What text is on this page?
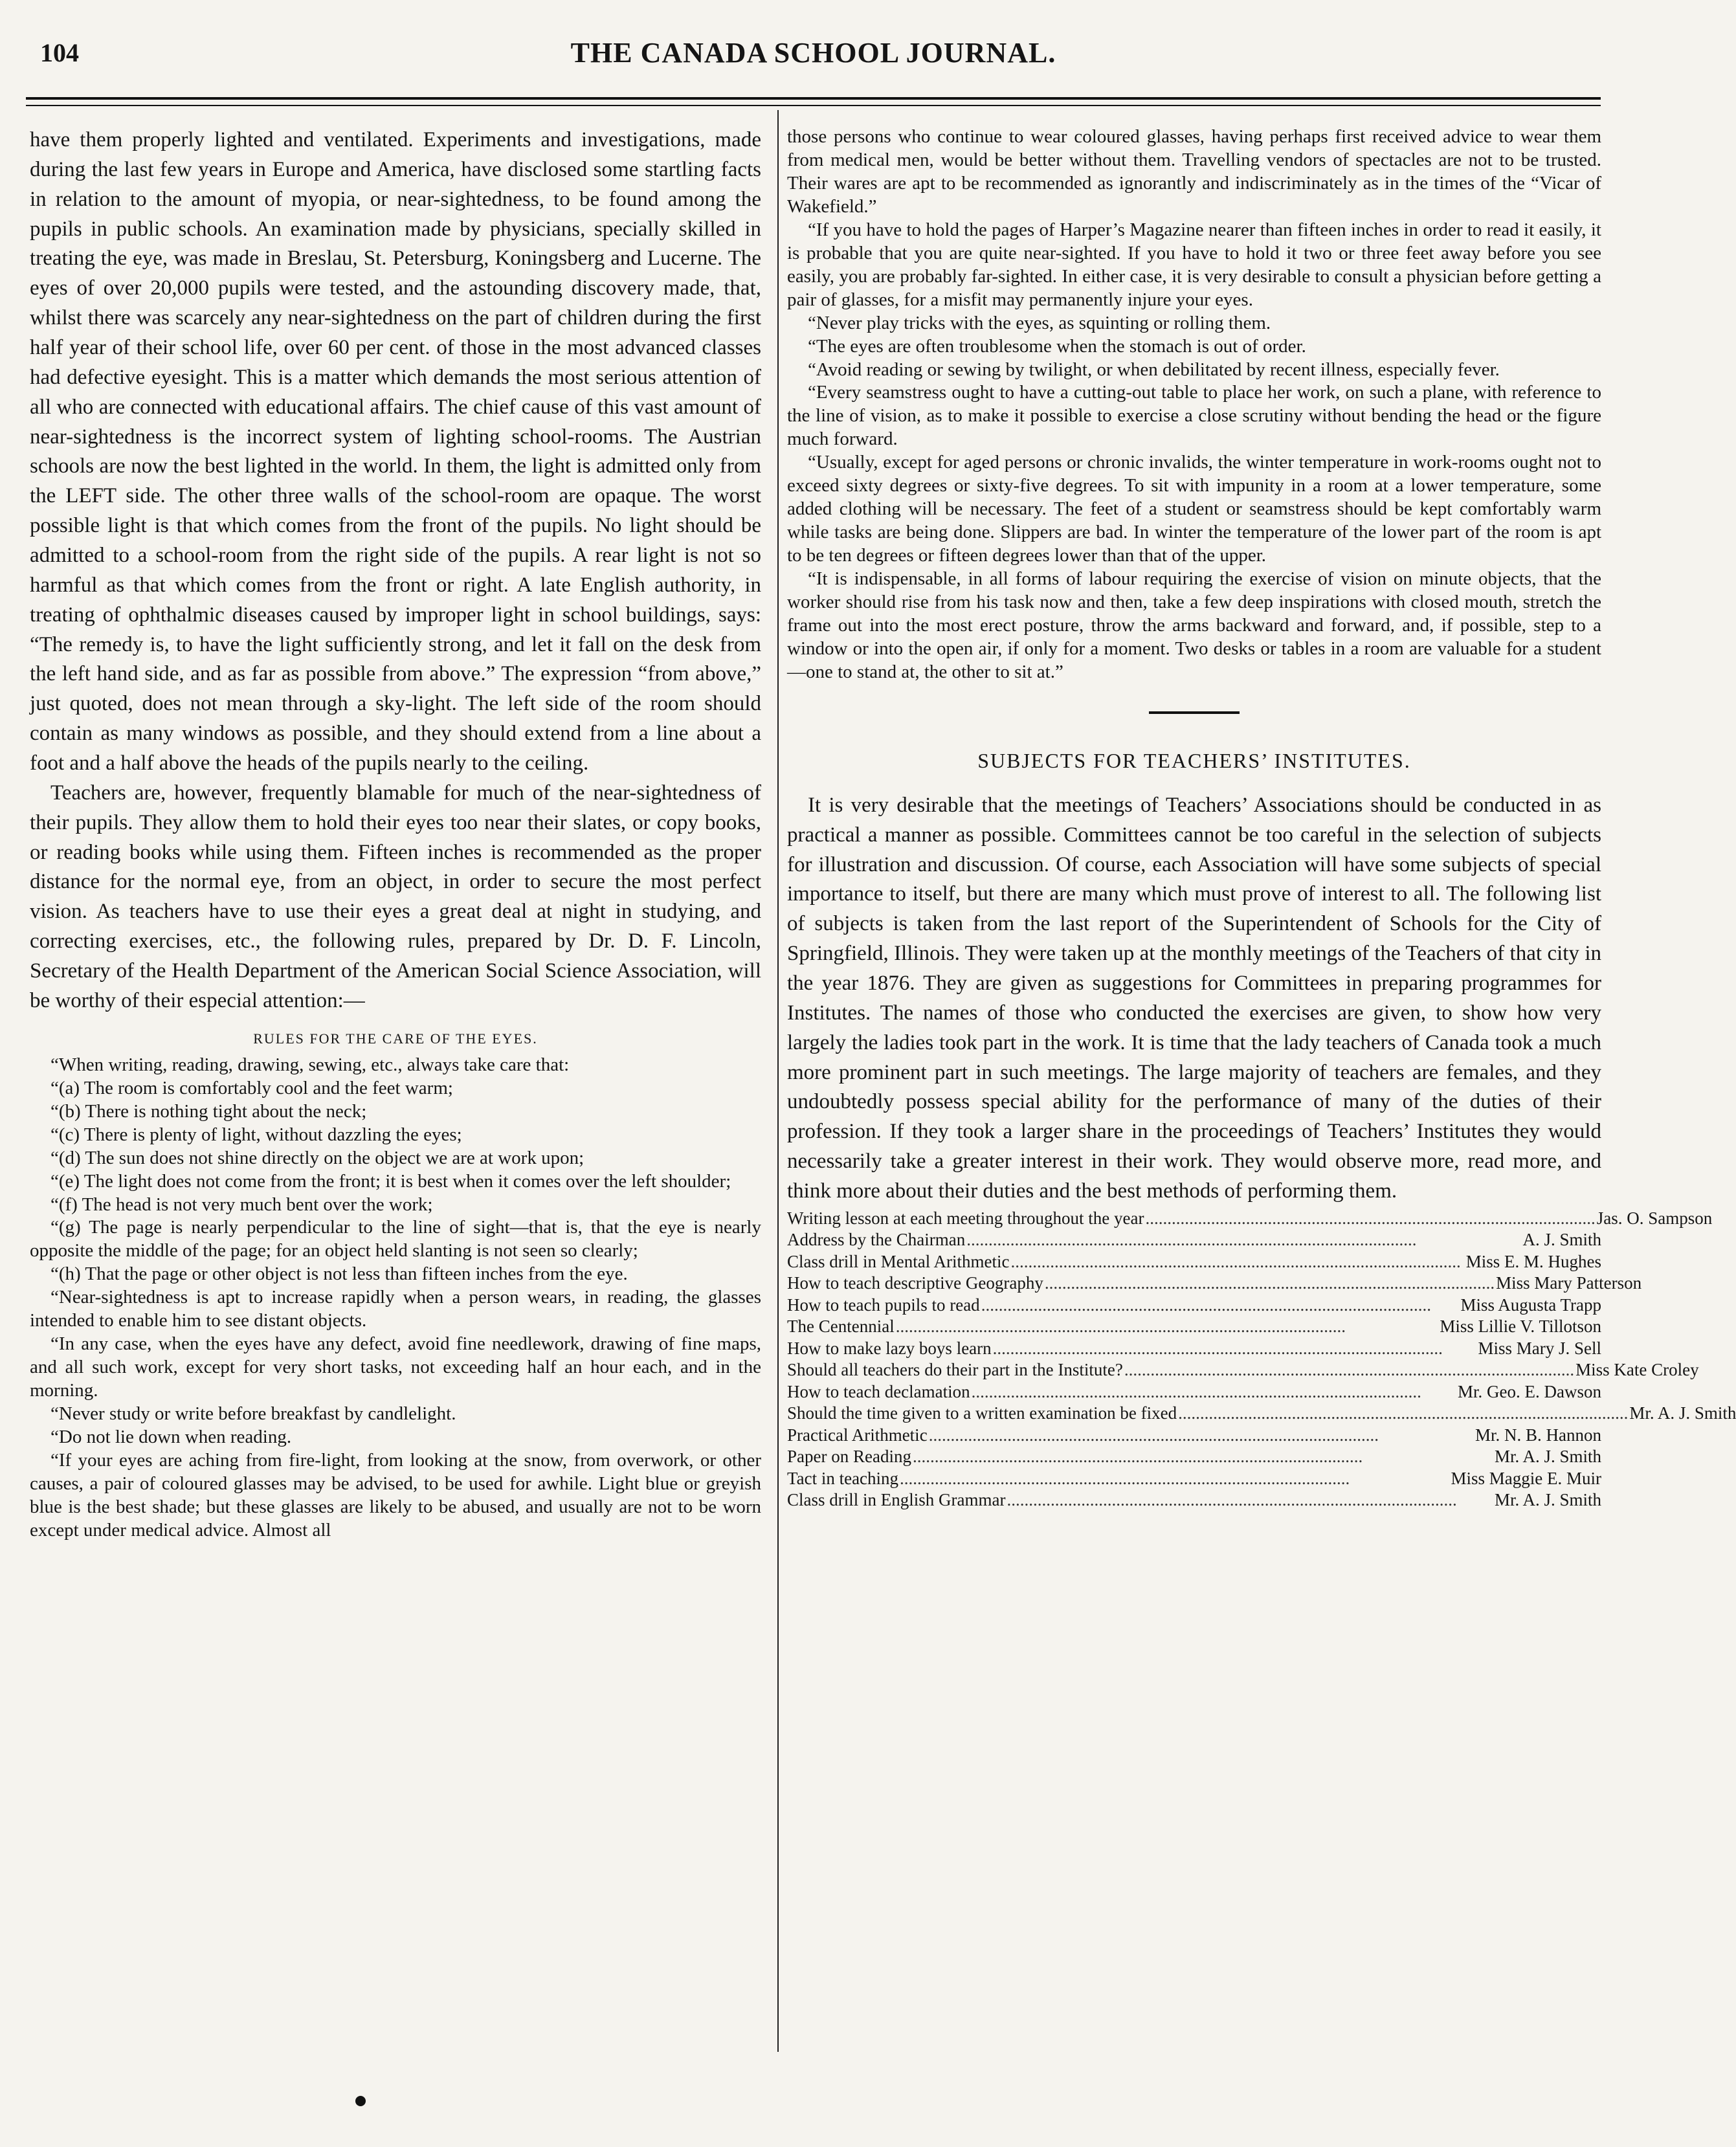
104	THE CANADA SCHOOL JOURNAL.

have them properly lighted and ventilated. Experiments and investigations, made during the last few years in Europe and America, have disclosed some startling facts in relation to the amount of myopia, or near-sightedness, to be found among the pupils in public schools. An examination made by physicians, specially skilled in treating the eye, was made in Breslau, St. Petersburg, Koningsberg and Lucerne. The eyes of over 20,000 pupils were tested, and the astounding discovery made, that, whilst there was scarcely any near-sightedness on the part of children during the first half year of their school life, over 60 per cent. of those in the most advanced classes had defective eyesight. This is a matter which demands the most serious attention of all who are connected with educational affairs. The chief cause of this vast amount of near-sightedness is the incorrect system of lighting school-rooms. The Austrian schools are now the best lighted in the world. In them, the light is admitted only from the LEFT side. The other three walls of the school-room are opaque. The worst possible light is that which comes from the front of the pupils. No light should be admitted to a school-room from the right side of the pupils. A rear light is not so harmful as that which comes from the front or right. A late English authority, in treating of ophthalmic diseases caused by improper light in school buildings, says: “The remedy is, to have the light sufficiently strong, and let it fall on the desk from the left hand side, and as far as possible from above.” The expression “from above,” just quoted, does not mean through a sky-light. The left side of the room should contain as many windows as possible, and they should extend from a line about a foot and a half above the heads of the pupils nearly to the ceiling.

Teachers are, however, frequently blamable for much of the near-sightedness of their pupils. They allow them to hold their eyes too near their slates, or copy books, or reading books while using them. Fifteen inches is recommended as the proper distance for the normal eye, from an object, in order to secure the most perfect vision. As teachers have to use their eyes a great deal at night in studying, and correcting exercises, etc., the following rules, prepared by Dr. D. F. Lincoln, Secretary of the Health Department of the American Social Science Association, will be worthy of their especial attention:—

RULES FOR THE CARE OF THE EYES.

“When writing, reading, drawing, sewing, etc., always take care that:

“(a) The room is comfortably cool and the feet warm;

“(b) There is nothing tight about the neck;

“(c) There is plenty of light, without dazzling the eyes;

“(d) The sun does not shine directly on the object we are at work upon;

“(e) The light does not come from the front; it is best when it comes over the left shoulder;

“(f) The head is not very much bent over the work;

“(g) The page is nearly perpendicular to the line of sight—that is, that the eye is nearly opposite the middle of the page; for an object held slanting is not seen so clearly;

“(h) That the page or other object is not less than fifteen inches from the eye.

“Near-sightedness is apt to increase rapidly when a person wears, in reading, the glasses intended to enable him to see distant objects.

“In any case, when the eyes have any defect, avoid fine needlework, drawing of fine maps, and all such work, except for very short tasks, not exceeding half an hour each, and in the morning.

“Never study or write before breakfast by candlelight.

“Do not lie down when reading.

“If your eyes are aching from fire-light, from looking at the snow, from overwork, or other causes, a pair of coloured glasses may be advised, to be used for awhile. Light blue or greyish blue is the best shade; but these glasses are likely to be abused, and usually are not to be worn except under medical advice. Almost all

those persons who continue to wear coloured glasses, having perhaps first received advice to wear them from medical men, would be better without them. Travelling vendors of spectacles are not to be trusted. Their wares are apt to be recommended as ignorantly and indiscriminately as in the times of the “Vicar of Wakefield.”

“If you have to hold the pages of Harper’s Magazine nearer than fifteen inches in order to read it easily, it is probable that you are quite near-sighted. If you have to hold it two or three feet away before you see easily, you are probably far-sighted. In either case, it is very desirable to consult a physician before getting a pair of glasses, for a misfit may permanently injure your eyes.

“Never play tricks with the eyes, as squinting or rolling them.

“The eyes are often troublesome when the stomach is out of order.

“Avoid reading or sewing by twilight, or when debilitated by recent illness, especially fever.

“Every seamstress ought to have a cutting-out table to place her work, on such a plane, with reference to the line of vision, as to make it possible to exercise a close scrutiny without bending the head or the figure much forward.

“Usually, except for aged persons or chronic invalids, the winter temperature in work-rooms ought not to exceed sixty degrees or sixty-five degrees. To sit with impunity in a room at a lower temperature, some added clothing will be necessary. The feet of a student or seamstress should be kept comfortably warm while tasks are being done. Slippers are bad. In winter the temperature of the lower part of the room is apt to be ten degrees or fifteen degrees lower than that of the upper.

“It is indispensable, in all forms of labour requiring the exercise of vision on minute objects, that the worker should rise from his task now and then, take a few deep inspirations with closed mouth, stretch the frame out into the most erect posture, throw the arms backward and forward, and, if possible, step to a window or into the open air, if only for a moment. Two desks or tables in a room are valuable for a student—one to stand at, the other to sit at.”

SUBJECTS FOR TEACHERS’ INSTITUTES.

It is very desirable that the meetings of Teachers’ Associations should be conducted in as practical a manner as possible. Committees cannot be too careful in the selection of subjects for illustration and discussion. Of course, each Association will have some subjects of special importance to itself, but there are many which must prove of interest to all. The following list of subjects is taken from the last report of the Superintendent of Schools for the City of Springfield, Illinois. They were taken up at the monthly meetings of the Teachers of that city in the year 1876. They are given as suggestions for Committees in preparing programmes for Institutes. The names of those who conducted the exercises are given, to show how very largely the ladies took part in the work. It is time that the lady teachers of Canada took a much more prominent part in such meetings. The large majority of teachers are females, and they undoubtedly possess special ability for the performance of many of the duties of their profession. If they took a larger share in the proceedings of Teachers’ Institutes they would necessarily take a greater interest in their work. They would observe more, read more, and think more about their duties and the best methods of performing them.

Writing lesson at each meeting throughout the year ....................................................................................................... Jas. O. Sampson
Address by the Chairman .......................................................................................................	A. J. Smith
Class drill in Mental Arithmetic ....................................................................................................... Miss E. M. Hughes
How to teach descriptive Geography ....................................................................................................... Miss Mary Patterson
How to teach pupils to read .......................................................................................................	Miss Augusta Trapp
The Centennial .......................................................................................................	Miss Lillie V. Tillotson
How to make lazy boys learn .......................................................................................................	Miss Mary J. Sell
Should all teachers do their part in the Institute? ....................................................................................................... Miss Kate Croley
How to teach declamation .......................................................................................................	Mr. Geo. E. Dawson
Should the time given to a written examination be fixed ....................................................................................................... Mr. A. J. Smith
Practical Arithmetic .......................................................................................................	Mr. N. B. Hannon
Paper on Reading .......................................................................................................	Mr. A. J. Smith
Tact in teaching .......................................................................................................	Miss Maggie E. Muir
Class drill in English Grammar .......................................................................................................	Mr. A. J. Smith
